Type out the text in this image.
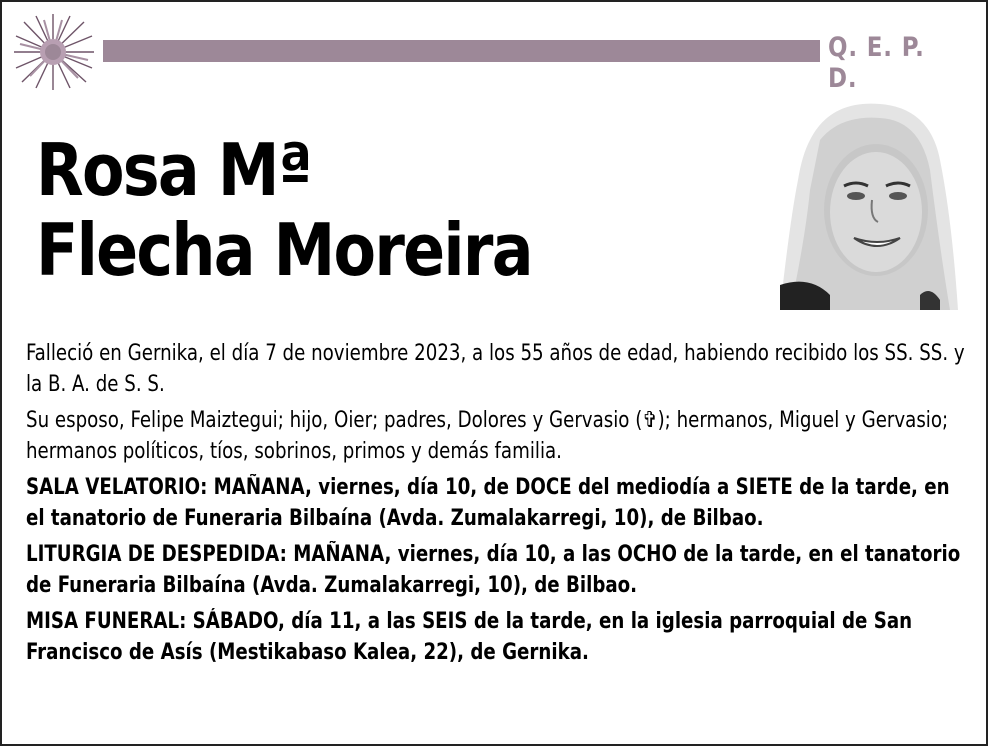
Q. E. P. D.
Rosa Mª
Flecha Moreira

Falleció en Gernika, el día 7 de noviembre 2023, a los 55 años de edad, habiendo recibido los SS. SS. y la B. A. de S. S.

Su esposo, Felipe Maiztegui; hijo, Oier; padres, Dolores y Gervasio (✞); hermanos, Miguel y Gervasio; hermanos políticos, tíos, sobrinos, primos y demás familia.

SALA VELATORIO: MAÑANA, viernes, día 10, de DOCE del mediodía a SIETE de la tarde, en el tanatorio de Funeraria Bilbaína (Avda. Zumalakarregi, 10), de Bilbao.

LITURGIA DE DESPEDIDA: MAÑANA, viernes, día 10, a las OCHO de la tarde, en el tanatorio de Funeraria Bilbaína (Avda. Zumalakarregi, 10), de Bilbao.

MISA FUNERAL: SÁBADO, día 11, a las SEIS de la tarde, en la iglesia parroquial de San Francisco de Asís (Mestikabaso Kalea, 22), de Gernika.
